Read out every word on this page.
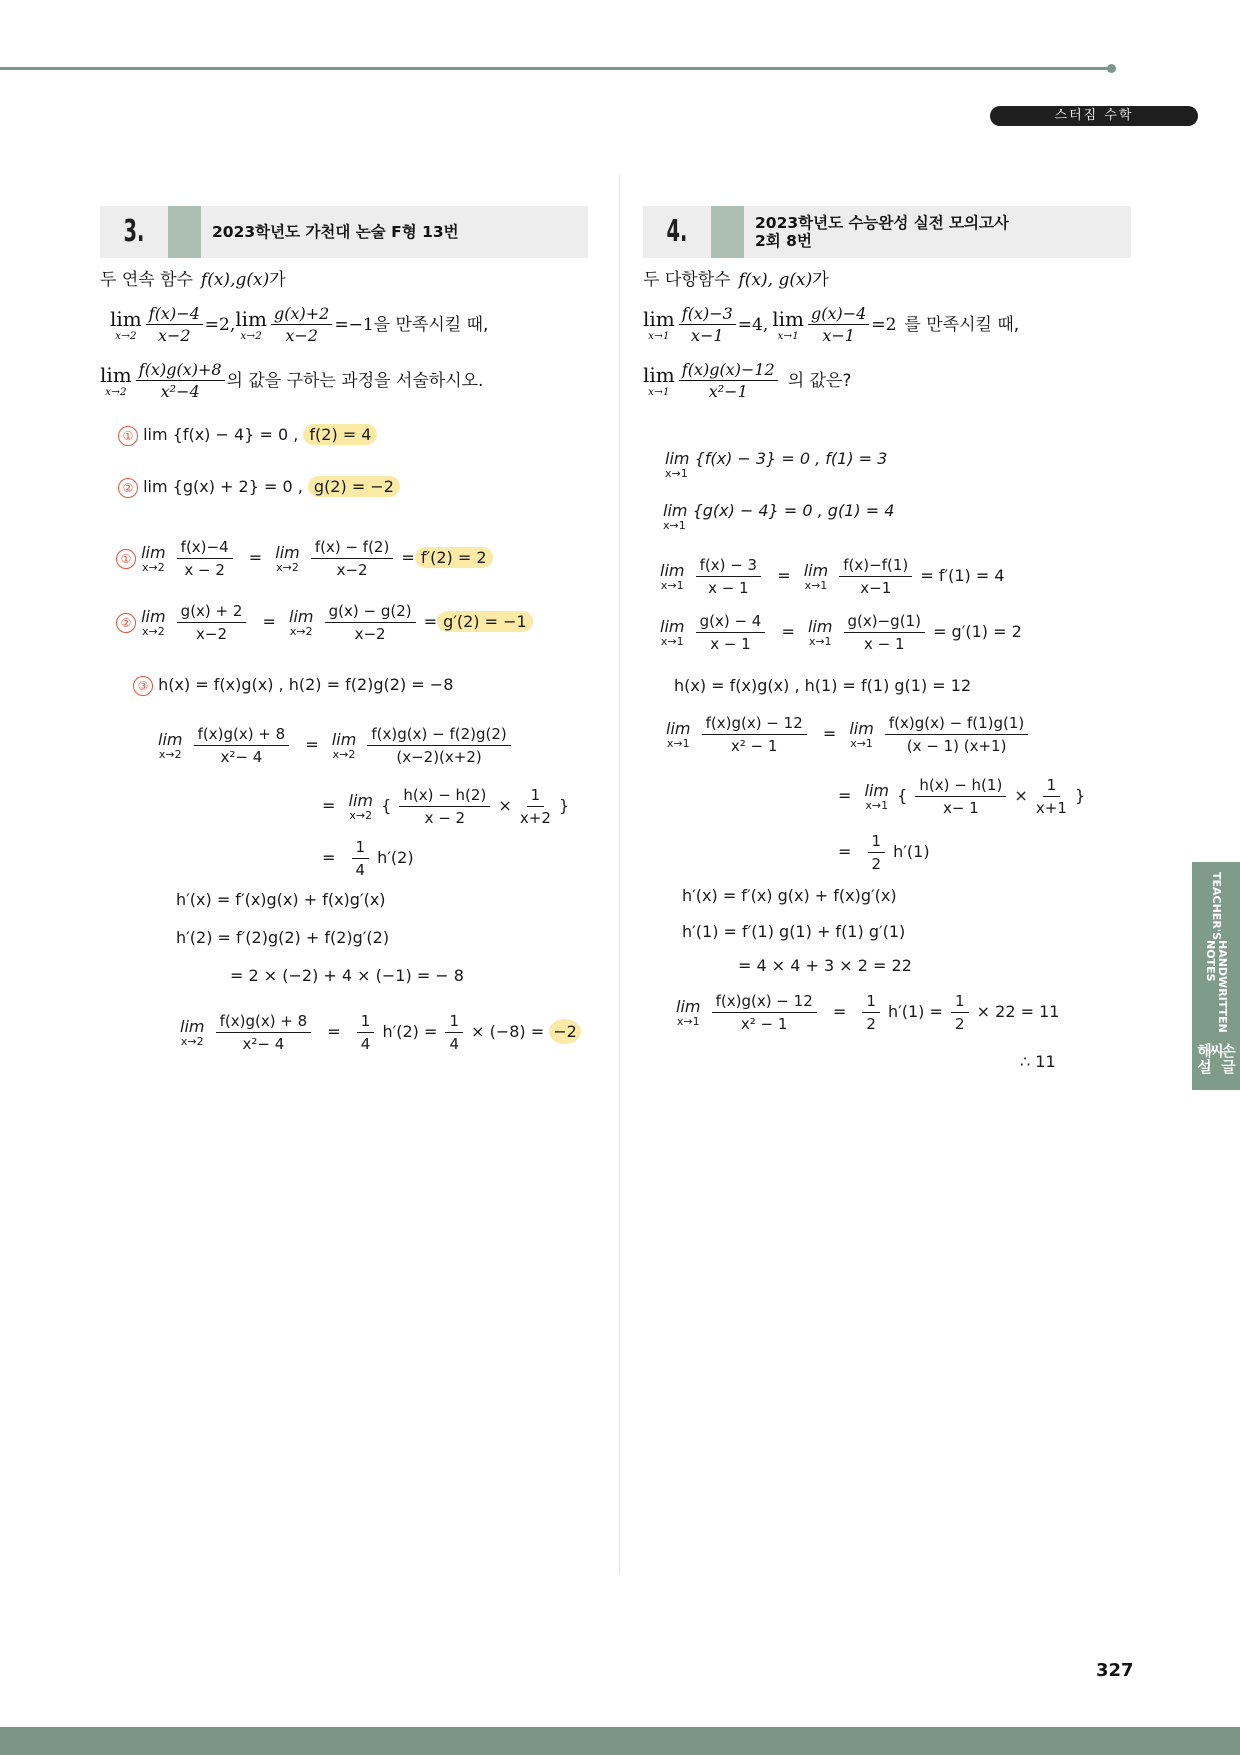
스터짐 수학
3.	2023학년도 가천대 논술 F형 13번
두 연속 함수 f(x),g(x) 가
lim
$x\to 2 \frac{f(x)-4}{x-2} =2$, lim
$x\to 2 \frac{g(x)+2}{x-2} =-1$ 을 만족시킬 때,
lim
$x\to 2 \frac{f(x)g(x)+8}{\text{x²−4}}$ 의 값을 구하는 과정을 서술하시오.
① lim {f(x) − 4} = 0 , f(2) = 4
② lim {g(x) + 2} = 0 , g(2) = −2
① lim
x→2
$\frac{f(x)-4}{x - 2} = \lim$
x→2
$\frac{f(x) - f(2)}{x-2} = f'(2) = 2$
② lim
x→2
$\frac{g(x) + 2}{x-2} = \lim$
x→2
$\frac{g(x) - g(2)}{x-2} = g'(2) = -1$
③ h(x) = f(x)g(x) , h(2) = f(2)g(2) = −8
lim
x→2
$\frac{f(x)g(x) + 8}{\text{x²− 4}} = \lim$
x→2
$\frac{f(x)g(x) - f(2)g(2)}{(x-2)(x+2)}$
= lim
x→2 { $\frac{h(x) - h(2)}{x - 2} \times \frac{1}{x+2}$ }
= $\frac{1}{4} h'(2)$
h′(x) = f′(x)g(x) + f(x)g′(x)
h′(2) = f′(2)g(2) + f(2)g′(2)
= 2 × (−2) + 4 × (−1) = − 8
lim
x→2
$\frac{f(x)g(x) + 8}{\text{x²− 4}} = \frac{1}{4} h'(2) = \frac{1}{4} \times (-8) = -2$
4.	2023학년도 수능완성 실전 모의고사
2회 8번
두 다항함수 f(x), g(x) 가
lim
$x\to 1 \frac{f(x)-3}{x-1} =4$, lim
$x\to 1 \frac{g(x)-4}{x-1} =2$ 를 만족시킬 때,
lim
$x\to 1 \frac{f(x)g(x)-12}{\text{x²−1}}$ 의 값은?
lim {f(x) − 3} = 0 , f(1) = 3
x→1
lim {g(x) − 4} = 0 , g(1) = 4
x→1
lim
x→1
$\frac{f(x) - 3}{x - 1} = \lim$
x→1
$\frac{f(x)-f(1)}{x-1} = f'(1) = 4$
lim
x→1
$\frac{g(x) - 4}{x - 1} = \lim$
x→1
$\frac{g(x)-g(1)}{x - 1} = g'(1) = 2$
h(x) = f(x)g(x) , h(1) = f(1) g(1) = 12
lim
x→1
$\frac{f(x)g(x) - 12}{\text{x² − 1}} = \lim$
x→1
$\frac{f(x)g(x) - f(1)g(1)}{(x - 1) (x+1)}$
= lim
x→1 { $\frac{h(x) - h(1)}{x- 1} \times \frac{1}{x+1}$ }
= $\frac{1}{2} h'(1)$
h′(x) = f′(x) g(x) + f(x)g′(x)
h′(1) = f′(1) g(1) + f(1) g′(1)
= 4 × 4 + 3 × 2 = 22
lim
x→1
$\frac{f(x)g(x) - 12}{\text{x² − 1}} = \frac{1}{2} h'(1) = \frac{1}{2} \times 22 = 11$
∴ 11
TEACHER'S
HANDWRITTEN NOTES
손글씨 해설
327
